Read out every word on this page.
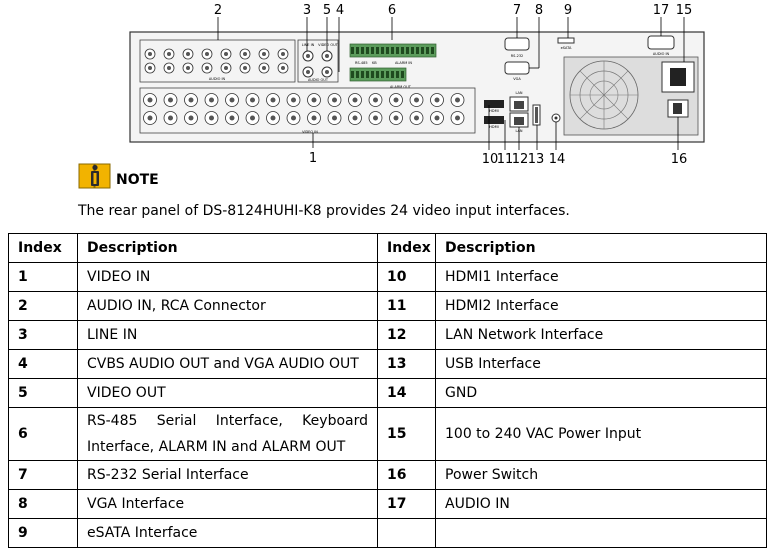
AUDIO IN
LINE IN VIDEO OUT
AUDIO OUT
RS-485 KB	ALARM IN
ALARM OUT
VIDEO IN
RS-232
VGA
eSATA
HDMI
HDMI
LAN
LAN
AUDIO IN
2	3 5 4	6	7 8 9	17 15
1	10
11
12 13 14	16
NOTE
The rear panel of DS-8124HUHI-K8 provides 24 video input interfaces.
Index	Description	Index	Description
1	VIDEO IN	10	HDMI1 Interface
2	AUDIO IN, RCA Connector	11	HDMI2 Interface
3	LINE IN	12	LAN Network Interface
4	CVBS AUDIO OUT and VGA AUDIO OUT	13	USB Interface
5	VIDEO OUT	14	GND
6	RS-485 Serial Interface, Keyboard Interface, ALARM IN and ALARM OUT	15	100 to 240 VAC Power Input
7	RS-232 Serial Interface	16	Power Switch
8	VGA Interface	17	AUDIO IN
9	eSATA Interface		
